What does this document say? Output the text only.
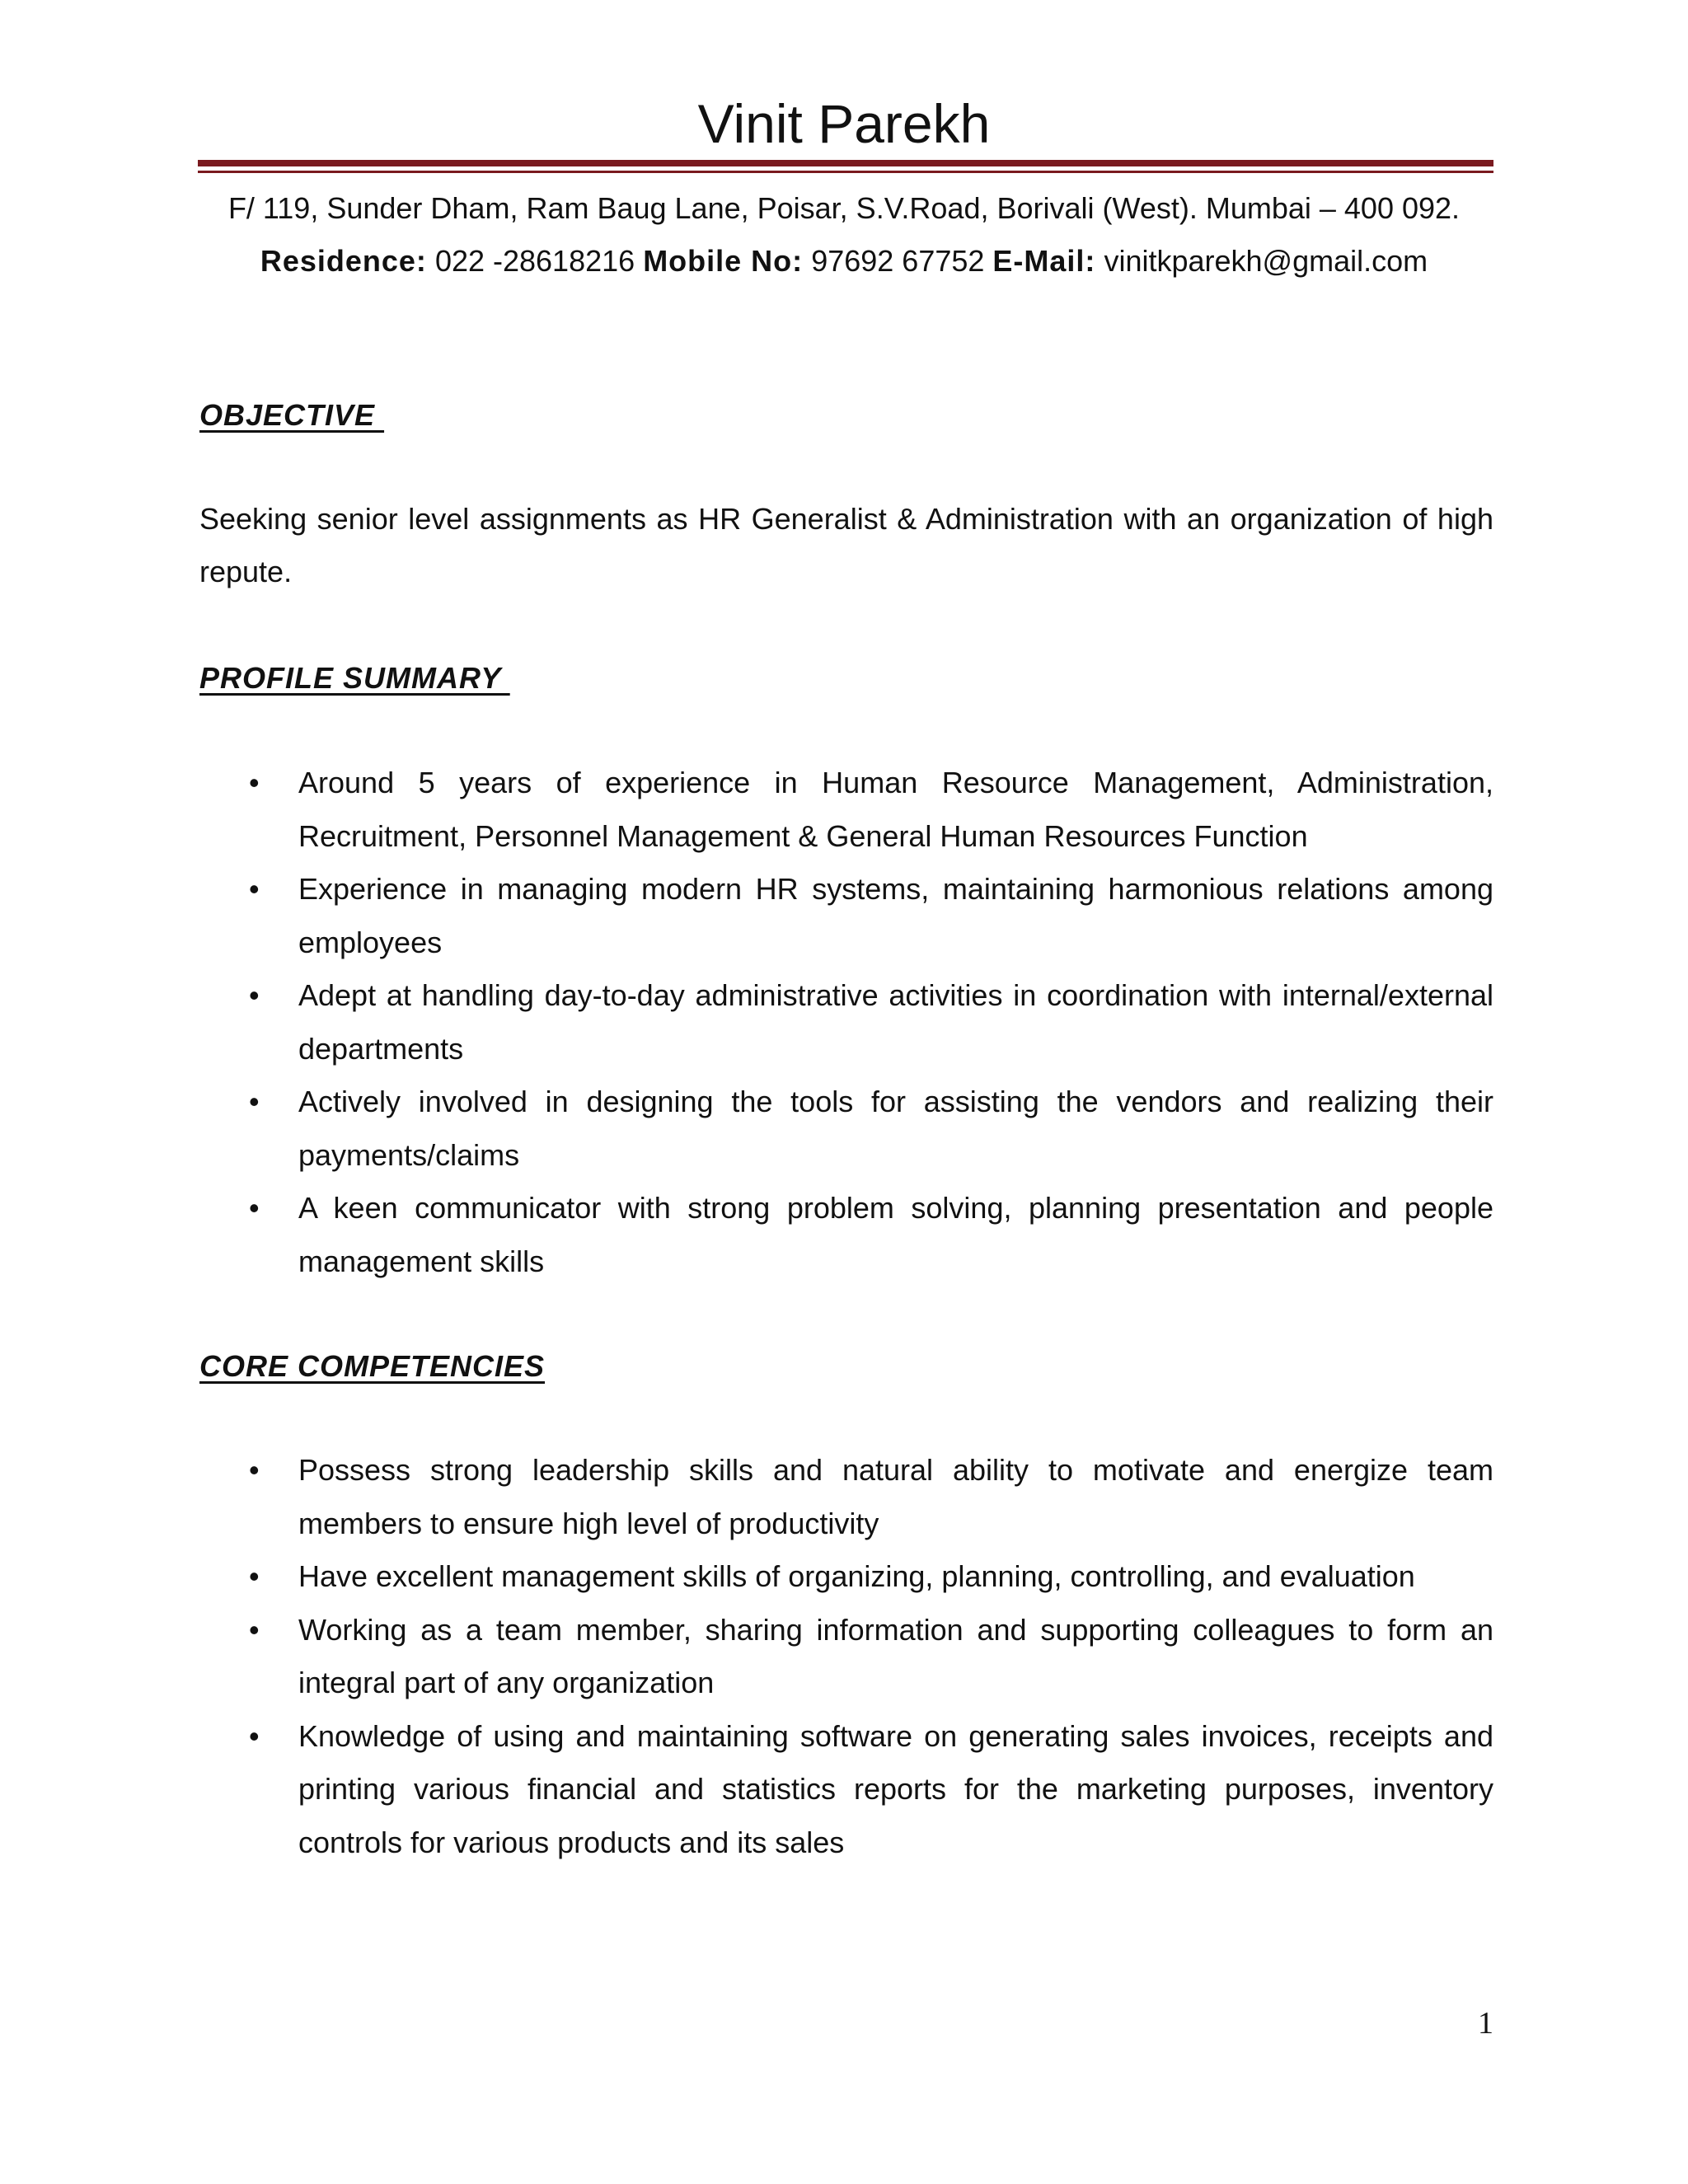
Vinit Parekh
F/ 119, Sunder Dham, Ram Baug Lane, Poisar, S.V.Road, Borivali (West). Mumbai – 400 092.
Residence: 022 -28618216 Mobile No: 97692 67752 E-Mail: vinitkparekh@gmail.com
OBJECTIVE

Seeking senior level assignments as HR Generalist & Administration with an organization of high repute.

PROFILE SUMMARY
• Around 5 years of experience in Human Resource Management, Administration, Recruitment, Personnel Management & General Human Resources Function
• Experience in managing modern HR systems, maintaining harmonious relations among employees
• Adept at handling day-to-day administrative activities in coordination with internal/external departments
• Actively involved in designing the tools for assisting the vendors and realizing their payments/claims
• A keen communicator with strong problem solving, planning presentation and people management skills
CORE COMPETENCIES
• Possess strong leadership skills and natural ability to motivate and energize team members to ensure high level of productivity
• Have excellent management skills of organizing, planning, controlling, and evaluation
• Working as a team member, sharing information and supporting colleagues to form an integral part of any organization
• Knowledge of using and maintaining software on generating sales invoices, receipts and printing various financial and statistics reports for the marketing purposes, inventory controls for various products and its sales
1
